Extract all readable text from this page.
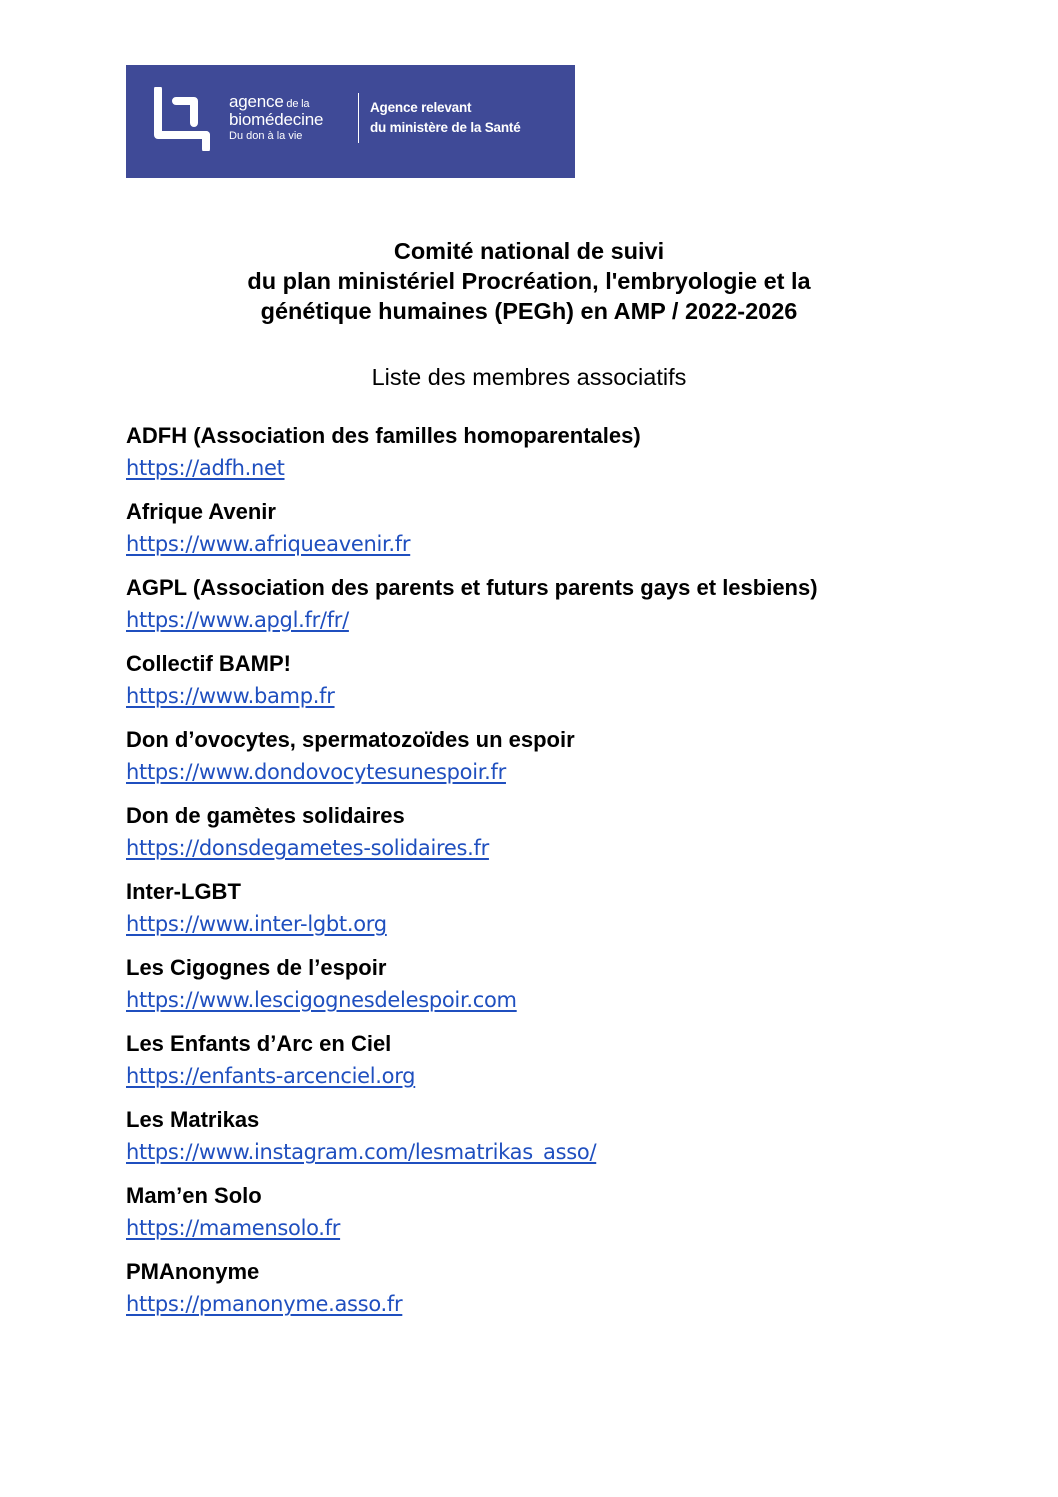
agence de la
biomédecine
Du don à la vie
Agence relevant
du ministère de la Santé
Comité national de suivi
du plan ministériel Procréation, l'embryologie et la
génétique humaines (PEGh) en AMP / 2022-2026
Liste des membres associatifs
ADFH (Association des familles homoparentales)
https://adfh.net
Afrique Avenir
https://www.afriqueavenir.fr
AGPL (Association des parents et futurs parents gays et lesbiens)
https://www.apgl.fr/fr/
Collectif BAMP!
https://www.bamp.fr
Don d’ovocytes, spermatozoïdes un espoir
https://www.dondovocytesunespoir.fr
Don de gamètes solidaires
https://donsdegametes-solidaires.fr
Inter-LGBT
https://www.inter-lgbt.org
Les Cigognes de l’espoir
https://www.lescigognesdelespoir.com
Les Enfants d’Arc en Ciel
https://enfants-arcenciel.org
Les Matrikas
https://www.instagram.com/lesmatrikas_asso/
Mam’en Solo
https://mamensolo.fr
PMAnonyme
https://pmanonyme.asso.fr
